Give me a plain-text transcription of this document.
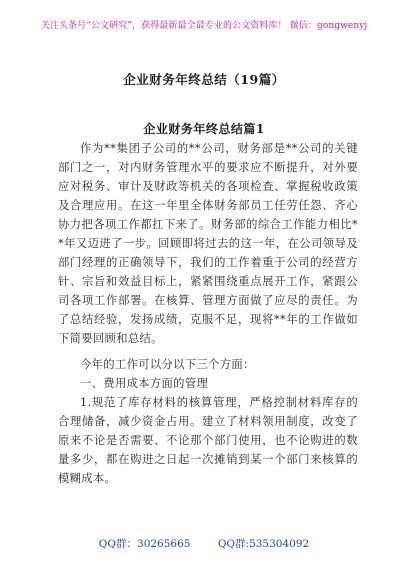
关注头条号“公文研究”，获得最新最全最专业的公文资料库！ 微信：gongwenyj
企业财务年终总结（19篇）
企业财务年终总结篇1
作为**集团子公司的**公司，财务部是**公司的关键
部门之一，对内财务管理水平的要求应不断提升，对外要
应对税务、审计及财政等机关的各项检查、掌握税收政策
及合理应用。在这一年里全体财务部员工任劳任怨、齐心
协力把各项工作都扛下来了。财务部的综合工作能力相比*
*年又迈进了一步。回顾即将过去的这一年，在公司领导及
部门经理的正确领导下，我们的工作着重于公司的经营方
针、宗旨和效益目标上，紧紧围绕重点展开工作，紧跟公
司各项工作部署。在核算、管理方面做了应尽的责任。为
了总结经验，发扬成绩，克服不足，现将**年的工作做如
下简要回顾和总结。
今年的工作可以分以下三个方面：
一、费用成本方面的管理
1.规范了库存材料的核算管理，严格控制材料库存的
合理储备，减少资金占用。建立了材料领用制度，改变了
原来不论是否需要、不论那个部门使用，也不论购进的数
量多少，都在购进之日起一次摊销到某一个部门来核算的
模糊成本。
QQ群：30265665	QQ群:535304092
